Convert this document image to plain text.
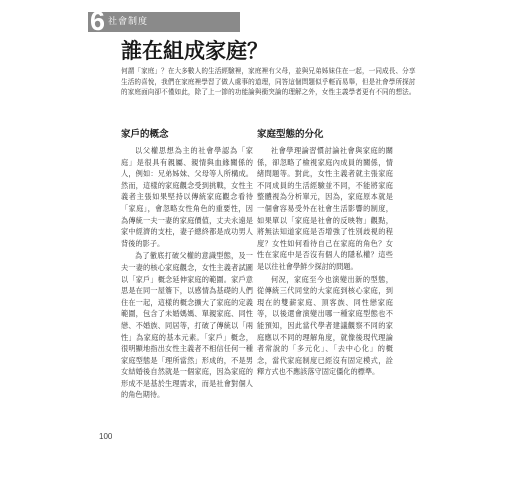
6 社會制度
誰在組成家庭？

何謂「家庭」？在大多數人的生活經驗裡，家庭裡有父母，並與兄弟姊妹住在一起，一同成長、分享生活的喜悅，我們在家庭裡學習了做人處事的道理，同答這個問題似乎輕而易舉，但是社會學所探討的家庭面向卻不僅如此，除了上一節的功能論與衝突論的理解之外，女性主義學者更有不同的想法。

家戶的概念

以父權思想為主的社會學認為「家庭」是很具有親屬、親情與血緣關係的人，例如：兄弟姊妹、父母等人所構成。然而，這樣的家庭觀念受到挑戰，女性主義者主張如果堅持以傳統家庭觀念看待「家庭」，會忽略女性角色的重要性，因為傳統一夫一妻的家庭價值，丈夫永遠是家中經濟的支柱，妻子總終都是成功男人背後的影子。

為了徹底打破父權的意識型態，及一夫一妻的核心家庭觀念，女性主義者試圖以「家戶」概念延伸家庭的範圍。家戶意思是在同一屋簷下，以感情為基礎的人們住在一起，這樣的概念擴大了家庭的定義範圍，包含了未婚媽媽、單親家庭、同性戀、不婚族、同居等，打破了傳統以「兩性」為家庭的基本元素。「家戶」概念，很明顯地指出女性主義者不相信任何一種家庭型態是「理所當然」形成的，不是男女結婚後自然就是一個家庭，因為家庭的形成不是基於生理需求，而是社會對個人的角色期待。

家庭型態的分化

社會學理論習慣討論社會與家庭的關係，卻忽略了檢視家庭內成員的關係，情緒問題等。對此，女性主義者就主張家庭不同成員的生活經驗並不同，不能將家庭整體視為分析單元，因為，家庭原本就是一個會容易受外在社會生活影響的制度，如果單以「家庭是社會的反映物」觀點，將無法知道家庭是否增強了性別歧視的程度？女性如何看待自己在家庭的角色？女性在家庭中是否沒有個人的隱私權？這些是以往社會學鮮少探討的問題。

何況，家庭至今也演變出新的型態，從傳統三代同堂的大家庭到核心家庭，到現在的雙薪家庭、頂客族、同性戀家庭等，以後還會演變出哪一種家庭型態也不能預知，因此當代學者建議觀察不同的家庭應以不同的理解角度，就像後現代理論者常說的「多元化」、「去中心化」的概念，當代家庭制度已經沒有固定模式，詮釋方式也不應該落守固定僵化的標準。

100
